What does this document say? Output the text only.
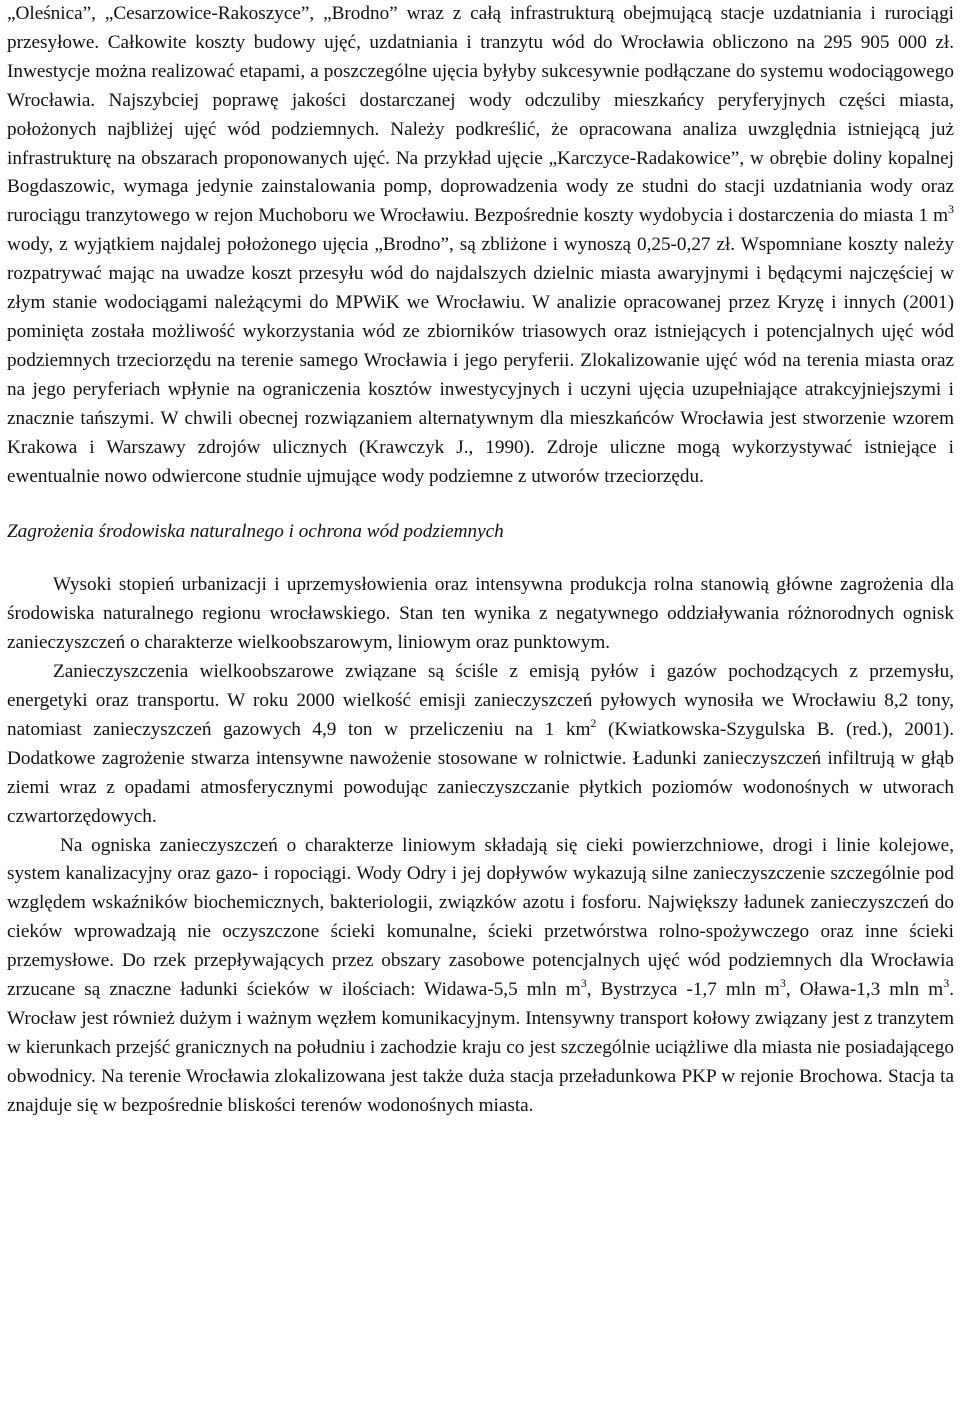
„Oleśnica”, „Cesarzowice-Rakoszyce”, „Brodno” wraz z całą infrastrukturą obejmującą stacje uzdatniania i rurociągi przesyłowe. Całkowite koszty budowy ujęć, uzdatniania i tranzytu wód do Wrocławia obliczono na 295 905 000 zł. Inwestycje można realizować etapami, a poszczególne ujęcia byłyby sukcesywnie podłączane do systemu wodociągowego Wrocławia. Najszybciej poprawę jakości dostarczanej wody odczuliby mieszkańcy peryferyjnych części miasta, położonych najbliżej ujęć wód podziemnych. Należy podkreślić, że opracowana analiza uwzględnia istniejącą już infrastrukturę na obszarach proponowanych ujęć. Na przykład ujęcie „Karczyce-Radakowice”, w obrębie doliny kopalnej Bogdaszowic, wymaga jedynie zainstalowania pomp, doprowadzenia wody ze studni do stacji uzdatniania wody oraz rurociągu tranzytowego w rejon Muchoboru we Wrocławiu. Bezpośrednie koszty wydobycia i dostarczenia do miasta 1 $m^3$ wody, z wyjątkiem najdalej położonego ujęcia „Brodno”, są zbliżone i wynoszą 0,25-0,27 zł. Wspomniane koszty należy rozpatrywać mając na uwadze koszt przesyłu wód do najdalszych dzielnic miasta awaryjnymi i będącymi najczęściej w złym stanie wodociągami należącymi do MPWiK we Wrocławiu. W analizie opracowanej przez Kryzę i innych (2001) pominięta została możliwość wykorzystania wód ze zbiorników triasowych oraz istniejących i potencjalnych ujęć wód podziemnych trzeciorzędu na terenie samego Wrocławia i jego peryferii. Zlokalizowanie ujęć wód na terenia miasta oraz na jego peryferiach wpłynie na ograniczenia kosztów inwestycyjnych i uczyni ujęcia uzupełniające atrakcyjniejszymi i znacznie tańszymi. W chwili obecnej rozwiązaniem alternatywnym dla mieszkańców Wrocławia jest stworzenie wzorem Krakowa i Warszawy zdrojów ulicznych (Krawczyk J., 1990). Zdroje uliczne mogą wykorzystywać istniejące i ewentualnie nowo odwiercone studnie ujmujące wody podziemne z utworów trzeciorzędu.

Zagrożenia środowiska naturalnego i ochrona wód podziemnych

Wysoki stopień urbanizacji i uprzemysłowienia oraz intensywna produkcja rolna stanowią główne zagrożenia dla środowiska naturalnego regionu wrocławskiego. Stan ten wynika z negatywnego oddziaływania różnorodnych ognisk zanieczyszczeń o charakterze wielkoobszarowym, liniowym oraz punktowym.

Zanieczyszczenia wielkoobszarowe związane są ściśle z emisją pyłów i gazów pochodzących z przemysłu, energetyki oraz transportu. W roku 2000 wielkość emisji zanieczyszczeń pyłowych wynosiła we Wrocławiu 8,2 tony, natomiast zanieczyszczeń gazowych 4,9 ton w przeliczeniu na 1 $km^2$ (Kwiatkowska-Szygulska B. (red.), 2001). Dodatkowe zagrożenie stwarza intensywne nawożenie stosowane w rolnictwie. Ładunki zanieczyszczeń infiltrują w głąb ziemi wraz z opadami atmosferycznymi powodując zanieczyszczanie płytkich poziomów wodonośnych w utworach czwartorzędowych.

Na ogniska zanieczyszczeń o charakterze liniowym składają się cieki powierzchniowe, drogi i linie kolejowe, system kanalizacyjny oraz gazo- i ropociągi. Wody Odry i jej dopływów wykazują silne zanieczyszczenie szczególnie pod względem wskaźników biochemicznych, bakteriologii, związków azotu i fosforu. Największy ładunek zanieczyszczeń do cieków wprowadzają nie oczyszczone ścieki komunalne, ścieki przetwórstwa rolno-spożywczego oraz inne ścieki przemysłowe. Do rzek przepływających przez obszary zasobowe potencjalnych ujęć wód podziemnych dla Wrocławia zrzucane są znaczne ładunki ścieków w ilościach: Widawa-5,5 mln $m^3$, Bystrzyca -1,7 mln $m^3$, Oława-1,3 mln $m^3$. Wrocław jest również dużym i ważnym węzłem komunikacyjnym. Intensywny transport kołowy związany jest z tranzytem w kierunkach przejść granicznych na południu i zachodzie kraju co jest szczególnie uciążliwe dla miasta nie posiadającego obwodnicy. Na terenie Wrocławia zlokalizowana jest także duża stacja przeładunkowa PKP w rejonie Brochowa. Stacja ta znajduje się w bezpośrednie bliskości terenów wodonośnych miasta.
